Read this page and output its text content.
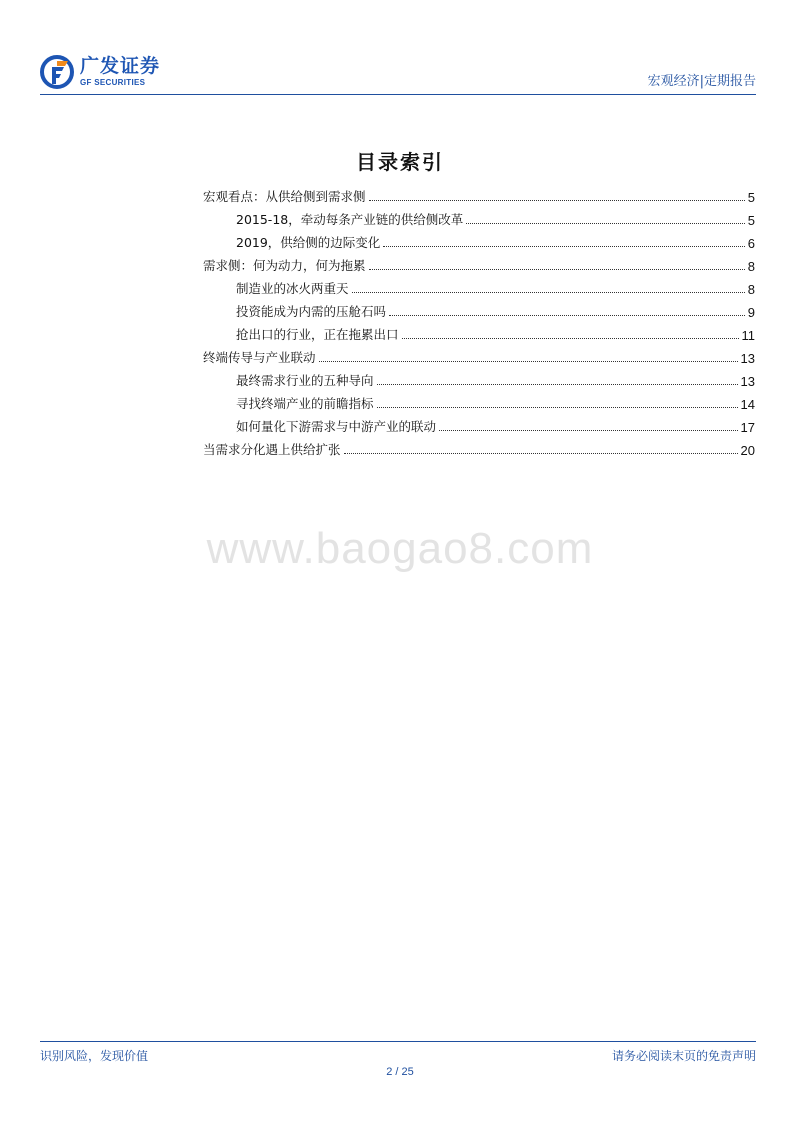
广发证券
GF SECURITIES	宏观经济|定期报告
目录索引
宏观看点：从供给侧到需求侧	5
2015-18，牵动每条产业链的供给侧改革	5
2019，供给侧的边际变化	6
需求侧：何为动力，何为拖累	8
制造业的冰火两重天	8
投资能成为内需的压舱石吗	9
抢出口的行业，正在拖累出口	11
终端传导与产业联动	13
最终需求行业的五种导向	13
寻找终端产业的前瞻指标	14
如何量化下游需求与中游产业的联动	17
当需求分化遇上供给扩张	20
www.baogao8.com
识别风险，发现价值	请务必阅读末页的免责声明
2 / 25
